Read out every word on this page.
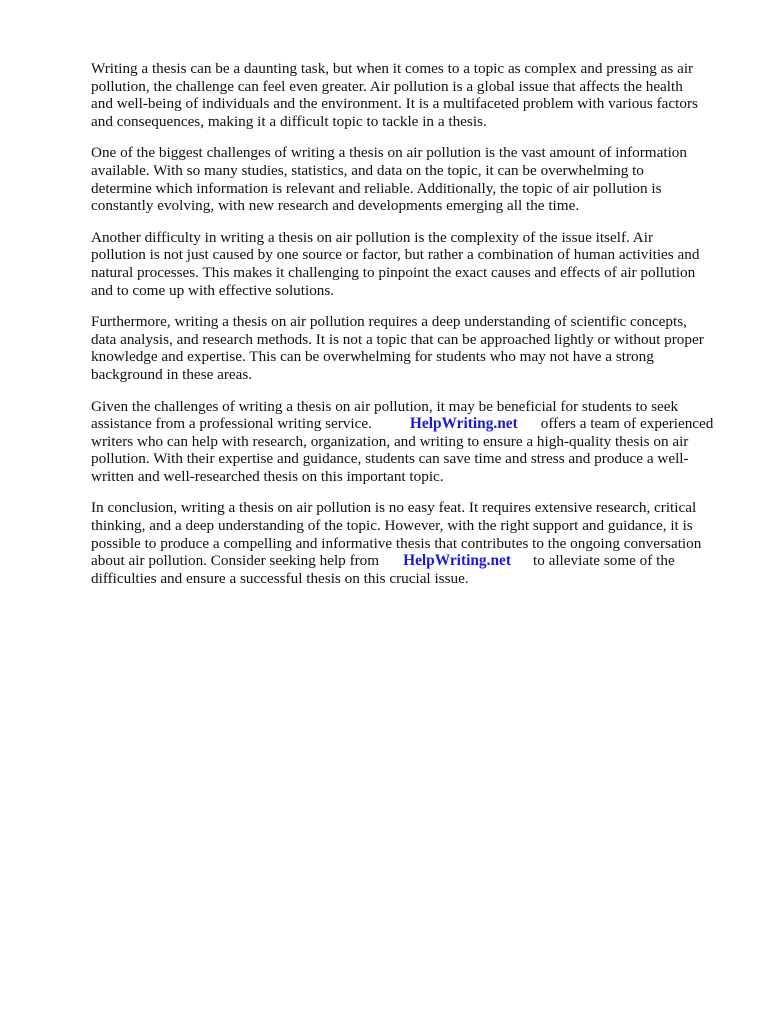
Writing a thesis can be a daunting task, but when it comes to a topic as complex and pressing as air
pollution, the challenge can feel even greater. Air pollution is a global issue that affects the health
and well-being of individuals and the environment. It is a multifaceted problem with various factors
and consequences, making it a difficult topic to tackle in a thesis.

One of the biggest challenges of writing a thesis on air pollution is the vast amount of information
available. With so many studies, statistics, and data on the topic, it can be overwhelming to
determine which information is relevant and reliable. Additionally, the topic of air pollution is
constantly evolving, with new research and developments emerging all the time.

Another difficulty in writing a thesis on air pollution is the complexity of the issue itself. Air
pollution is not just caused by one source or factor, but rather a combination of human activities and
natural processes. This makes it challenging to pinpoint the exact causes and effects of air pollution
and to come up with effective solutions.

Furthermore, writing a thesis on air pollution requires a deep understanding of scientific concepts,
data analysis, and research methods. It is not a topic that can be approached lightly or without proper
knowledge and expertise. This can be overwhelming for students who may not have a strong
background in these areas.

Given the challenges of writing a thesis on air pollution, it may be beneficial for students to seek
assistance from a professional writing service. HelpWriting.net offers a team of experienced
writers who can help with research, organization, and writing to ensure a high-quality thesis on air
pollution. With their expertise and guidance, students can save time and stress and produce a well-
written and well-researched thesis on this important topic.

In conclusion, writing a thesis on air pollution is no easy feat. It requires extensive research, critical
thinking, and a deep understanding of the topic. However, with the right support and guidance, it is
possible to produce a compelling and informative thesis that contributes to the ongoing conversation
about air pollution. Consider seeking help from HelpWriting.net to alleviate some of the
difficulties and ensure a successful thesis on this crucial issue.
